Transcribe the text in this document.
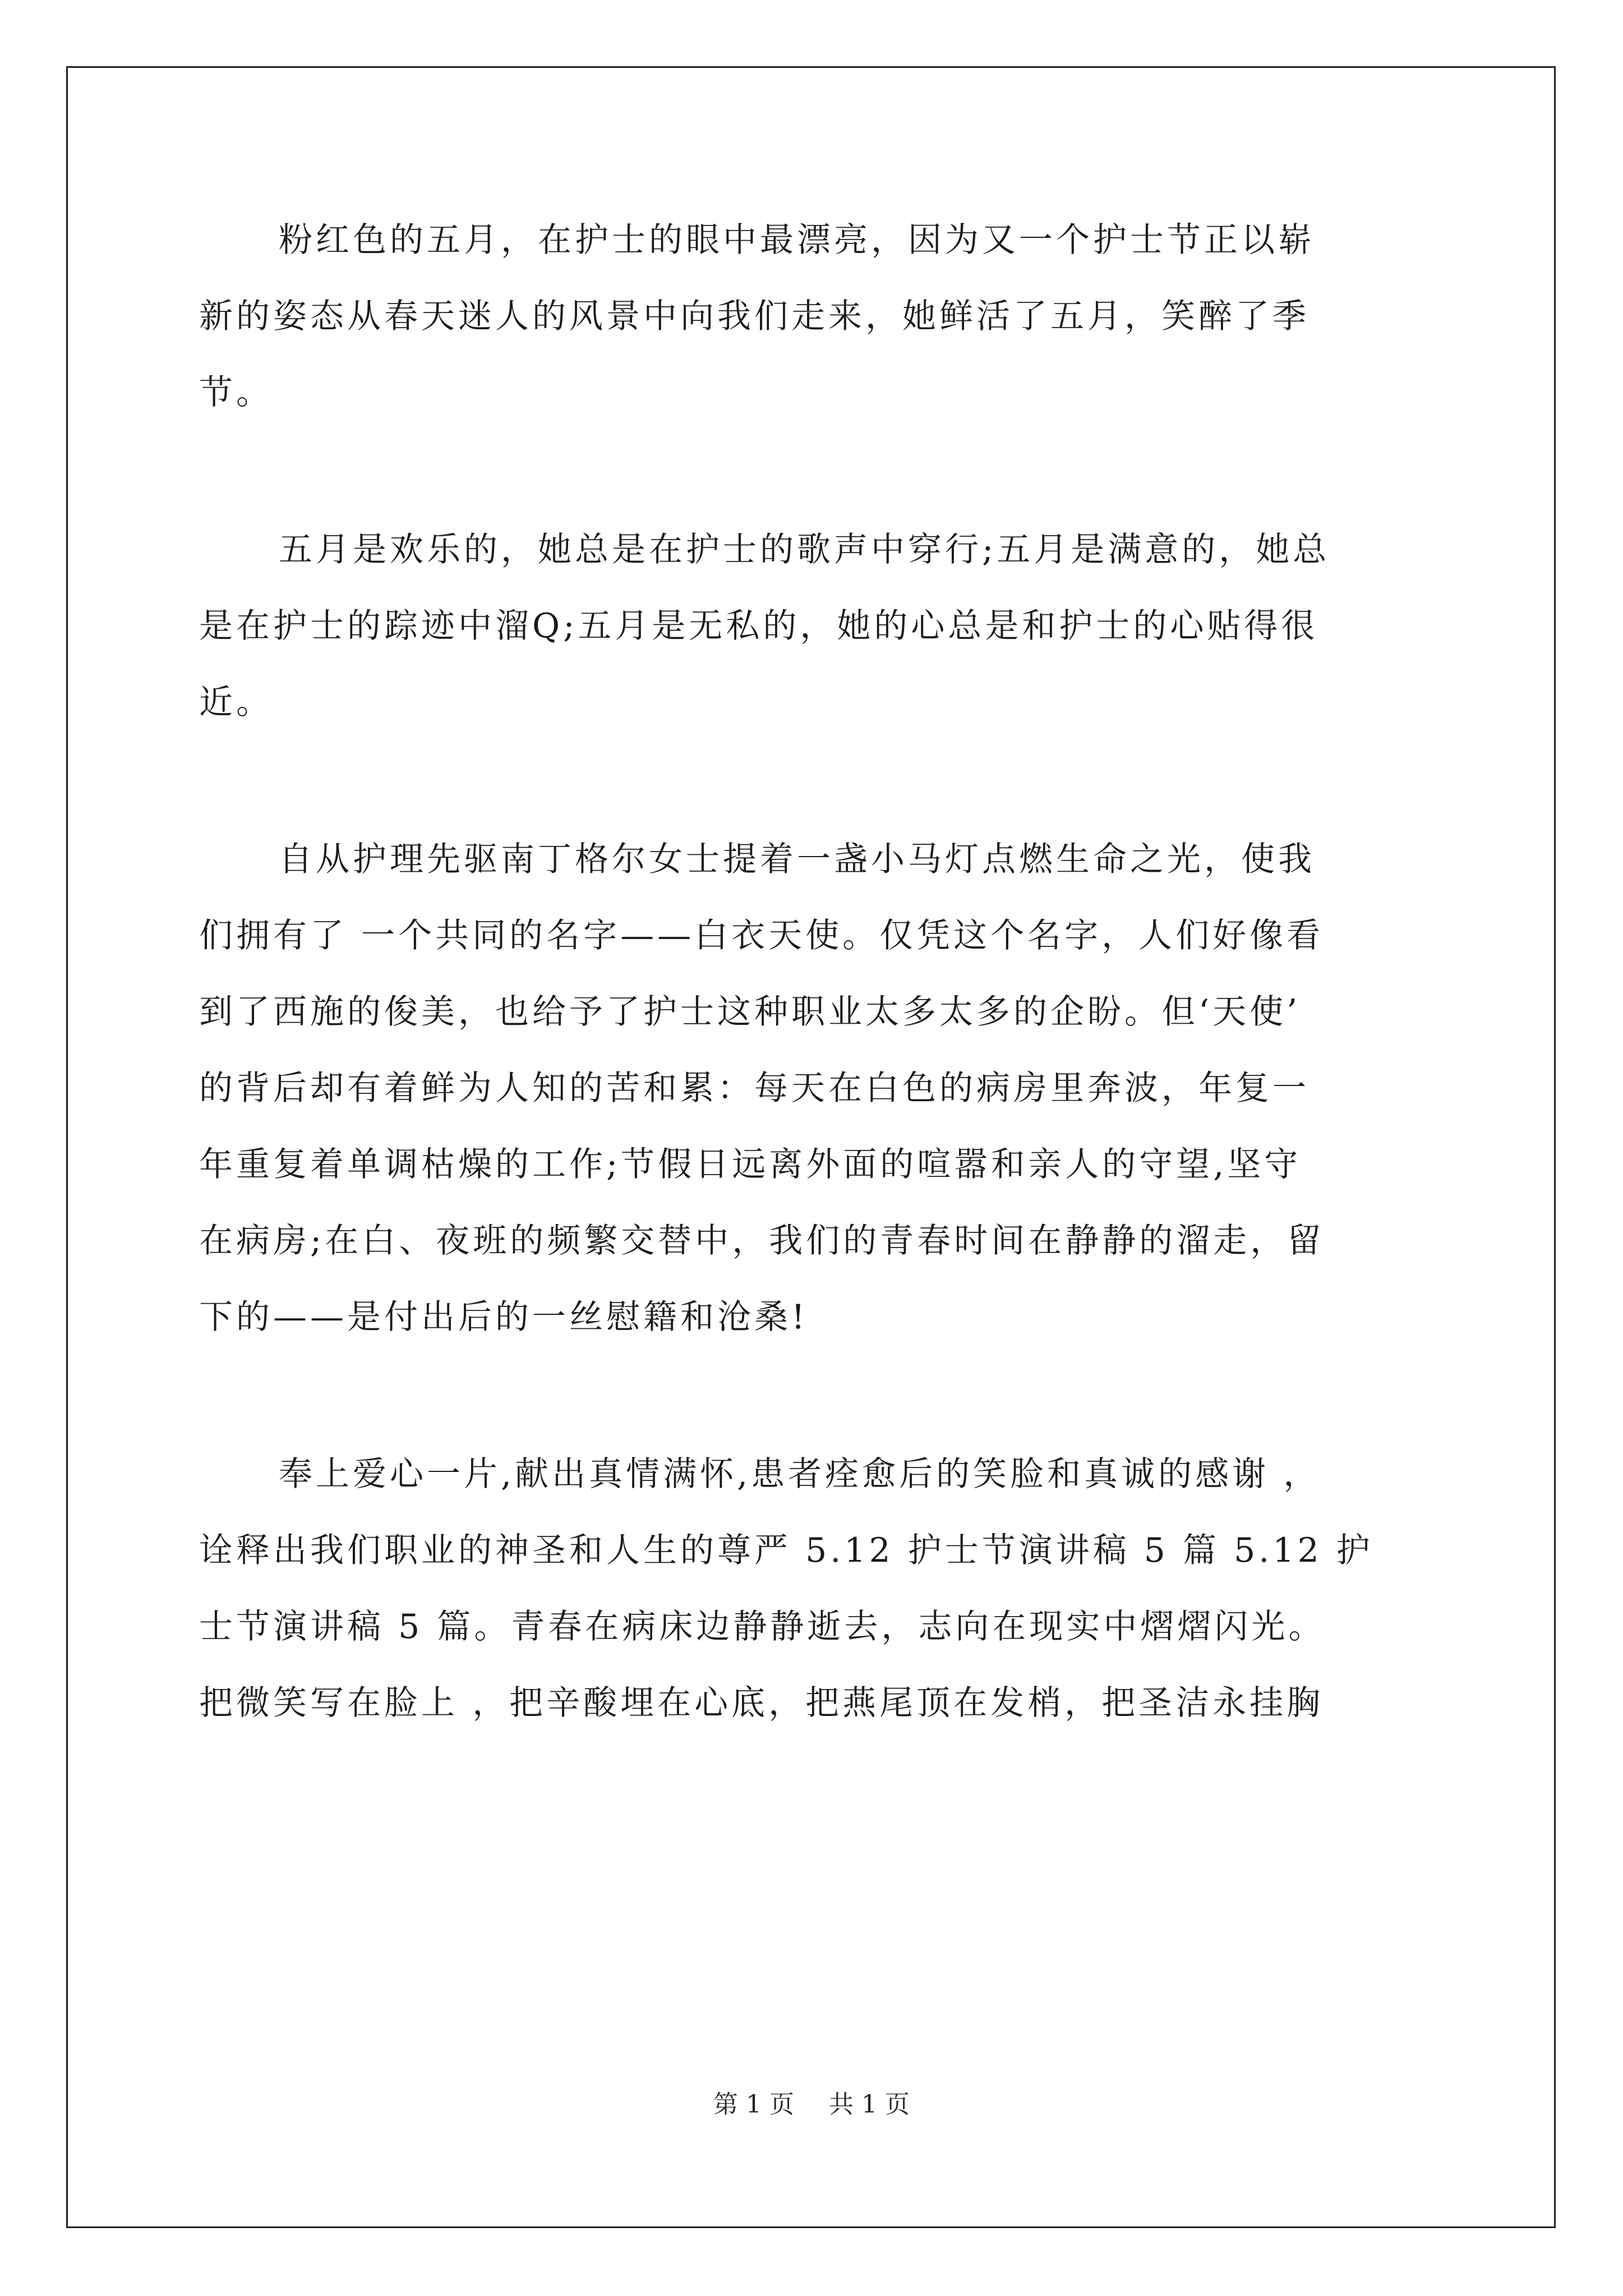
粉红色的五月，在护士的眼中最漂亮，因为又一个护士节正以崭
新的姿态从春天迷人的风景中向我们走来，她鲜活了五月，笑醉了季
节。
五月是欢乐的，她总是在护士的歌声中穿行;五月是满意的，她总
是在护士的踪迹中溜Q;五月是无私的，她的心总是和护士的心贴得很
近。
自从护理先驱南丁格尔女士提着一盏小马灯点燃生命之光，使我
们拥有了 一个共同的名字——白衣天使。仅凭这个名字，人们好像看
到了西施的俊美，也给予了护士这种职业太多太多的企盼。但‘天使’
的背后却有着鲜为人知的苦和累：每天在白色的病房里奔波，年复一
年重复着单调枯燥的工作;节假日远离外面的喧嚣和亲人的守望,坚守
在病房;在白、夜班的频繁交替中，我们的青春时间在静静的溜走，留
下的——是付出后的一丝慰籍和沧桑!
奉上爱心一片,献出真情满怀,患者痊愈后的笑脸和真诚的感谢 ，
诠释出我们职业的神圣和人生的尊严 5.12 护士节演讲稿 5 篇 5.12 护
士节演讲稿 5 篇。青春在病床边静静逝去，志向在现实中熠熠闪光。
把微笑写在脸上 ，把辛酸埋在心底，把燕尾顶在发梢，把圣洁永挂胸
第 1 页 共 1 页
